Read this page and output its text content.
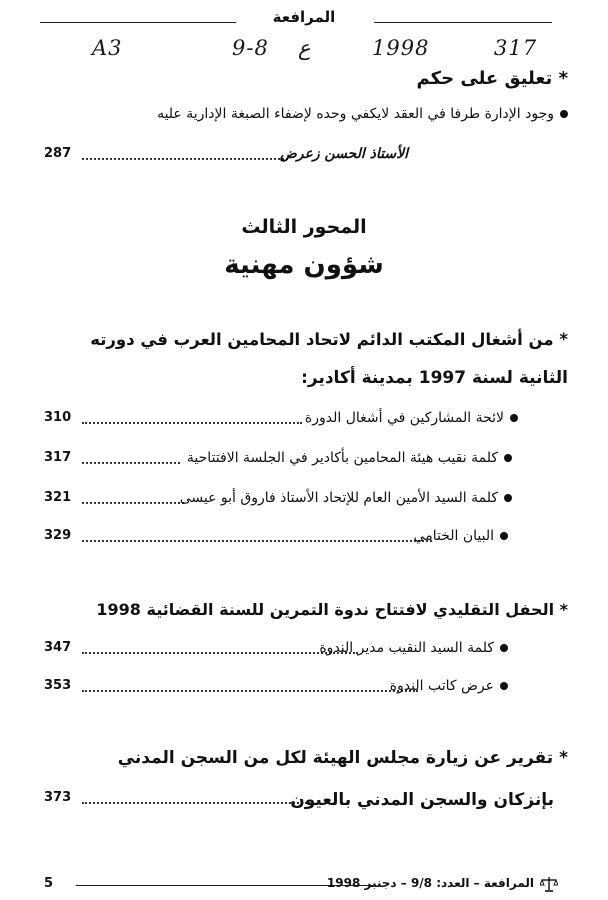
المرافعة
A3	9-8 ع	1998	317
* تعليق على حكم
وجود الإدارة طرفا في العقد لايكفي وحده لإضفاء الصبغة الإدارية عليه
287	الأستاذ الحسن زعرض
المحور الثالث
شؤون مهنية
* من أشغال المكتب الدائم لاتحاد المحامين العرب في دورته
الثانية لسنة 1997 بمدينة أكادير:
310	لائحة المشاركين في أشغال الدورة
317	كلمة نقيب هيئة المحامين بأكادير في الجلسة الافتتاحية
321	كلمة السيد الأمين العام للإتحاد الأستاذ فاروق أبو عيسى
329	البيان الختامي
* الحفل التقليدي لافتتاح ندوة التمرين للسنة القضائية 1998
347	كلمة السيد النقيب مدير الندوة
353	عرض كاتب الندوة
* تقرير عن زيارة مجلس الهيئة لكل من السجن المدني
373	بإنزكان والسجن المدني بالعيون
5	المرافعة – العدد: 9/8 – دجنبر 1998
